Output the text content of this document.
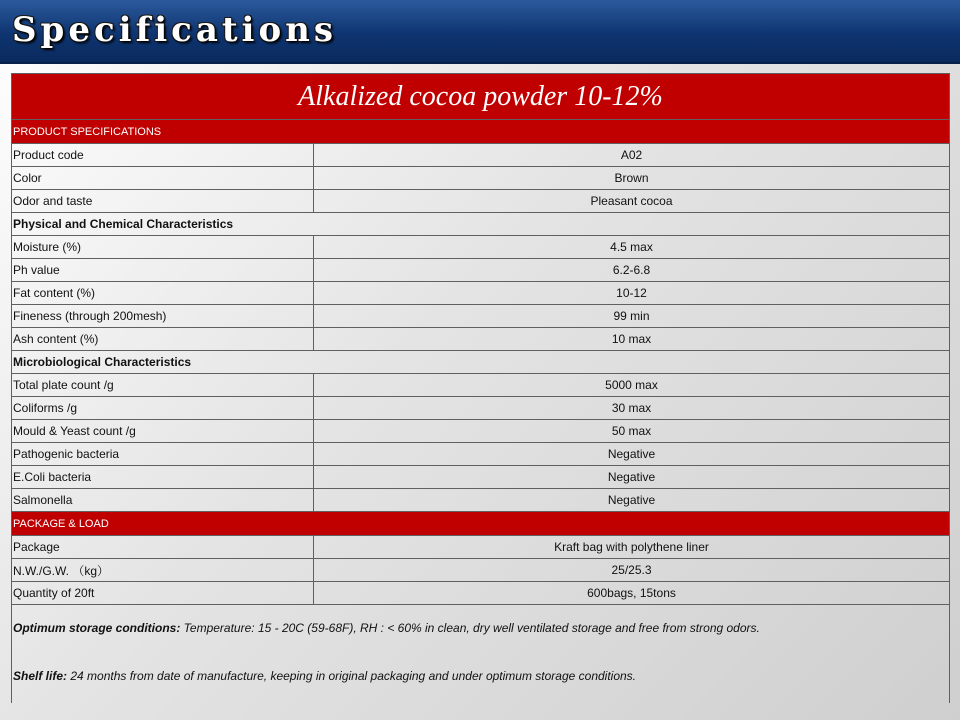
Specifications
Alkalized cocoa powder 10-12%	
PRODUCT SPECIFICATIONS	
Product code	A02
Color	Brown
Odor and taste	Pleasant cocoa
Physical and Chemical Characteristics	
Moisture (%)	4.5 max
Ph value	6.2-6.8
Fat content (%)	10-12
Fineness (through 200mesh)	99 min
Ash content (%)	10 max
Microbiological Characteristics	
Total plate count /g	5000 max
Coliforms /g	30 max
Mould & Yeast count /g	50 max
Pathogenic bacteria	Negative
E.Coli bacteria	Negative
Salmonella	Negative
PACKAGE & LOAD	
Package	Kraft bag with polythene liner
N.W./G.W. （kg）	25/25.3
Quantity of 20ft	600bags, 15tons

Optimum storage conditions: Temperature: 15 - 20C (59-68F), RH : < 60% in clean, dry well ventilated storage and free from strong odors.
Shelf life: 24 months from date of manufacture, keeping in original packaging and under optimum storage conditions.	
